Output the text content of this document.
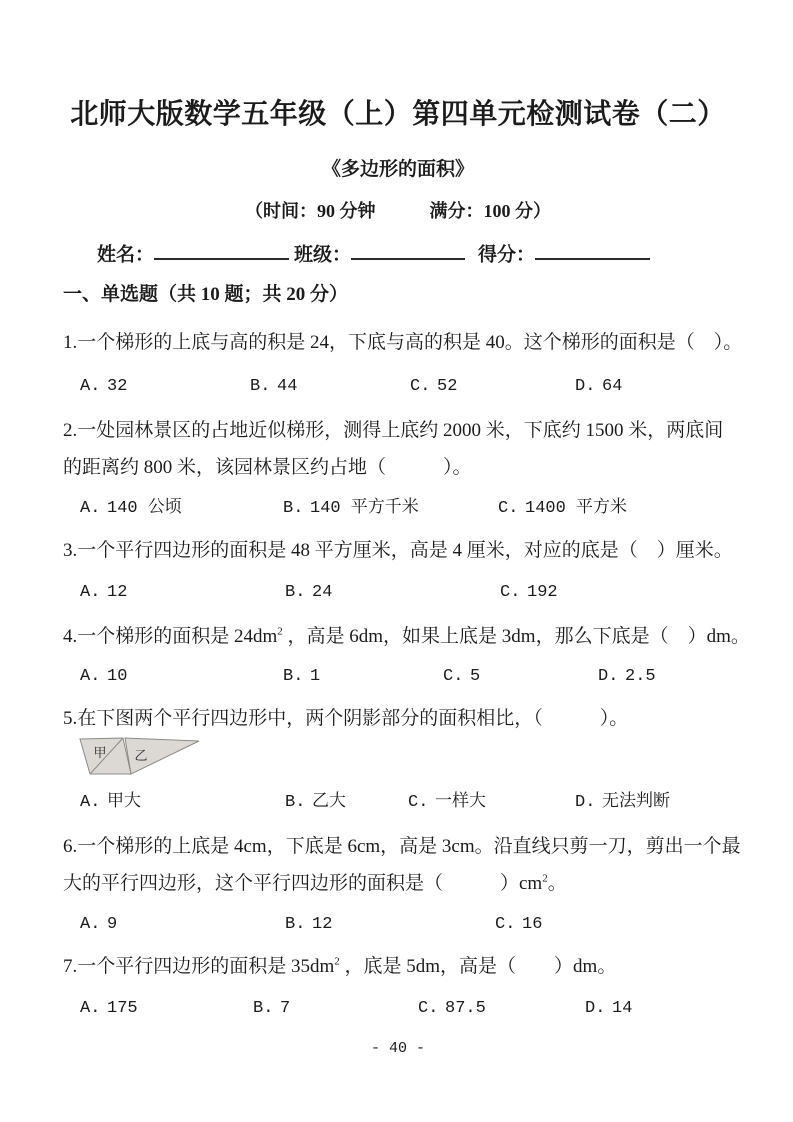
北师大版数学五年级（上）第四单元检测试卷（二）
《多边形的面积》
（时间：90 分钟　　　满分：100 分）
姓名：	班级：	得分：
一、单选题（共 10 题；共 20 分）
1.一个梯形的上底与高的积是 24，下底与高的积是 40。这个梯形的面积是（　）。
A. 32	B. 44	C. 52	D. 64
2.一处园林景区的占地近似梯形，测得上底约 2000 米，下底约 1500 米，两底间
的距离约 800 米，该园林景区约占地（　　　）。
A. 140 公顷	B. 140 平方千米	C. 1400 平方米
3.一个平行四边形的面积是 48 平方厘米，高是 4 厘米，对应的底是（　）厘米。
A. 12	B. 24	C. 192
4.一个梯形的面积是 $24dm^2$ ，高是 6dm，如果上底是 3dm，那么下底是（　）dm。
A. 10	B. 1	C. 5	D. 2.5
5.在下图两个平行四边形中，两个阴影部分的面积相比，（　　　）。
甲 乙
A. 甲大	B. 乙大	C. 一样大	D. 无法判断
6.一个梯形的上底是 4cm，下底是 6cm，高是 3cm。沿直线只剪一刀，剪出一个最
大的平行四边形，这个平行四边形的面积是（　　　）$cm^2$。
A. 9	B. 12	C. 16
7.一个平行四边形的面积是 $35dm^2$ ，底是 5dm，高是（　　）dm。
A. 175	B. 7	C. 87.5	D. 14
- 40 -
